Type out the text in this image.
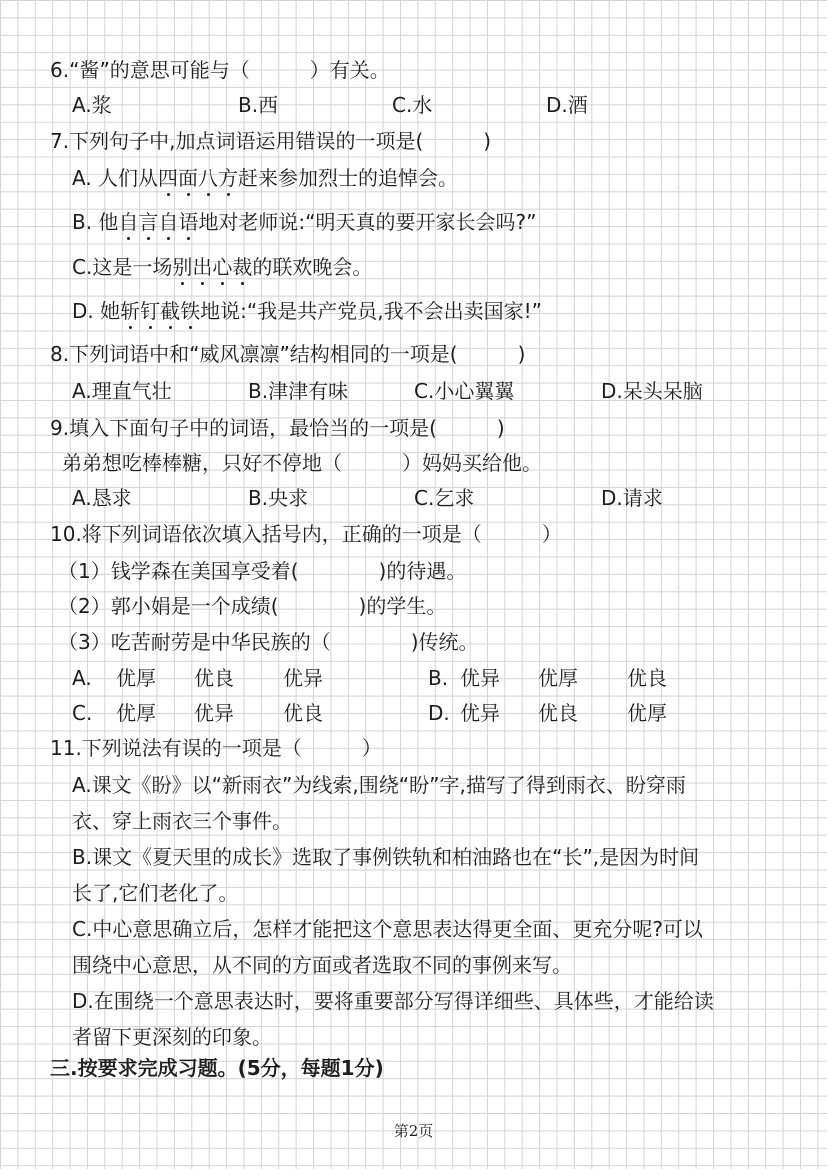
6.“酱”的意思可能与（　　　）有关。
A.浆	B.西	C.水	D.酒
7.下列句子中,加点词语运用错误的一项是(　　　)
A. 人们从四面八方赶来参加烈士的追悼会。
B. 他自言自语地对老师说:“明天真的要开家长会吗?”
C.这是一场别出心裁的联欢晚会。
D. 她斩钉截铁地说:“我是共产党员,我不会出卖国家!”
8.下列词语中和“威风凛凛”结构相同的一项是(　　　)
A.理直气壮	B.津津有味	C.小心翼翼	D.呆头呆脑
9.填入下面句子中的词语，最恰当的一项是(　　　)
弟弟想吃棒棒糖，只好不停地（　　　）妈妈买给他。
A.恳求	B.央求	C.乞求	D.请求
10.将下列词语依次填入括号内，正确的一项是（　　　）
（1）钱学森在美国享受着(　　　　)的待遇。
（2）郭小娟是一个成绩(　　　　)的学生。
（3）吃苦耐劳是中华民族的（　　　　)传统。
A. 优厚 优良 优异	B. 优异 优厚 优良
C. 优厚 优异 优良	D. 优异 优良 优厚
11.下列说法有误的一项是（　　　）
A.课文《盼》以“新雨衣”为线索,围绕“盼”字,描写了得到雨衣、盼穿雨
衣、穿上雨衣三个事件。
B.课文《夏天里的成长》选取了事例铁轨和柏油路也在“长”,是因为时间
长了,它们老化了。
C.中心意思确立后，怎样才能把这个意思表达得更全面、更充分呢?可以
围绕中心意思，从不同的方面或者选取不同的事例来写。
D.在围绕一个意思表达时，要将重要部分写得详细些、具体些，才能给读
者留下更深刻的印象。
三.按要求完成习题。(5分，每题1分)
第2页
